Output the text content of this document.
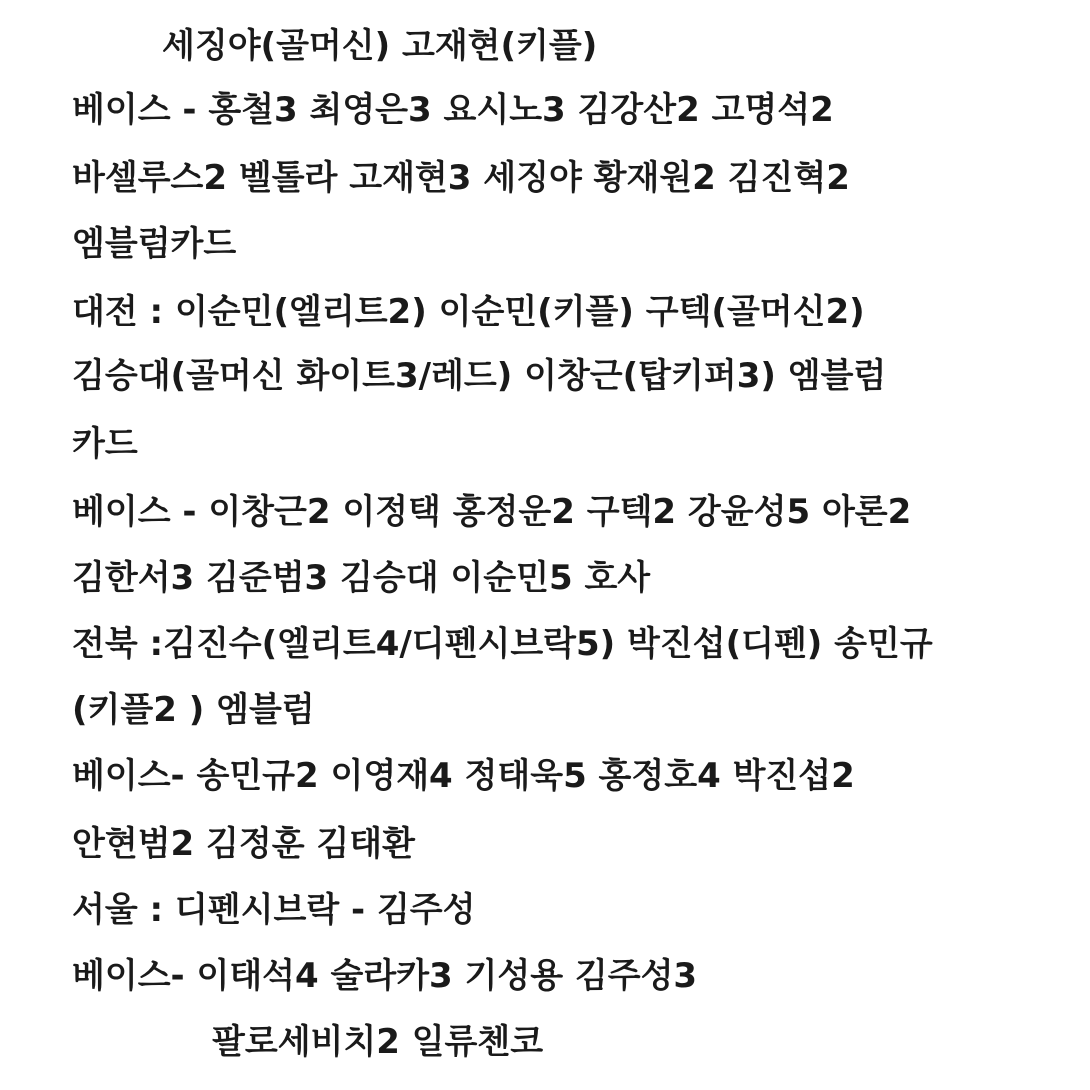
세징야(골머신) 고재현(키플)
베이스 - 홍철3 최영은3 요시노3 김강산2 고명석2
바셀루스2 벨톨라 고재현3 세징야 황재원2 김진혁2
엠블럼카드
대전 : 이순민(엘리트2) 이순민(키플) 구텍(골머신2)
김승대(골머신 화이트3/레드) 이창근(탑키퍼3) 엠블럼
카드
베이스 - 이창근2 이정택 홍정운2 구텍2 강윤성5 아론2
김한서3 김준범3 김승대 이순민5 호사
전북 :김진수(엘리트4/디펜시브락5) 박진섭(디펜) 송민규
(키플2 ) 엠블럼
베이스- 송민규2 이영재4 정태욱5 홍정호4 박진섭2
안현범2 김정훈 김태환
서울 : 디펜시브락 - 김주성
베이스- 이태석4 술라카3 기성용 김주성3
팔로세비치2 일류첸코
